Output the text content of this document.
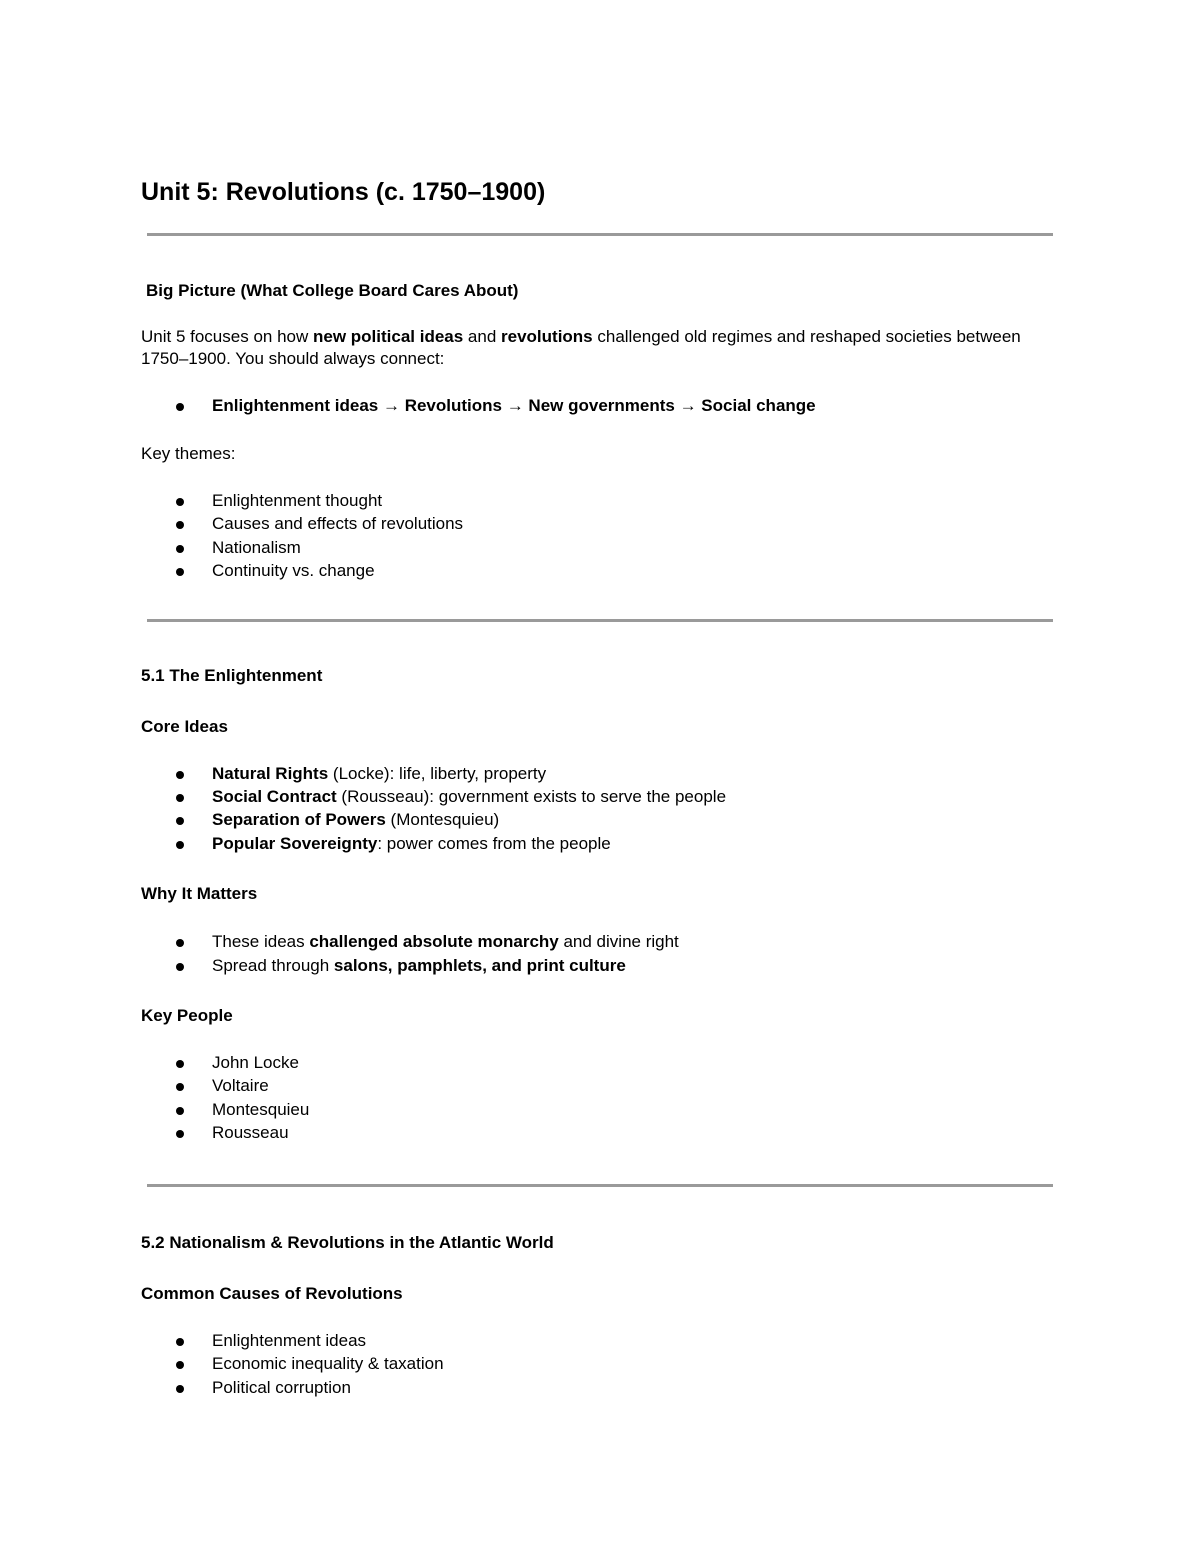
Unit 5: Revolutions (c. 1750–1900)
Big Picture (What College Board Cares About)
Unit 5 focuses on how new political ideas and revolutions challenged old regimes and reshaped societies between
1750–1900. You should always connect:
Enlightenment ideas → Revolutions → New governments → Social change
Key themes:
Enlightenment thought
Causes and effects of revolutions
Nationalism
Continuity vs. change
5.1 The Enlightenment
Core Ideas
Natural Rights (Locke): life, liberty, property
Social Contract (Rousseau): government exists to serve the people
Separation of Powers (Montesquieu)
Popular Sovereignty: power comes from the people
Why It Matters
These ideas challenged absolute monarchy and divine right
Spread through salons, pamphlets, and print culture
Key People
John Locke
Voltaire
Montesquieu
Rousseau
5.2 Nationalism & Revolutions in the Atlantic World
Common Causes of Revolutions
Enlightenment ideas
Economic inequality & taxation
Political corruption
